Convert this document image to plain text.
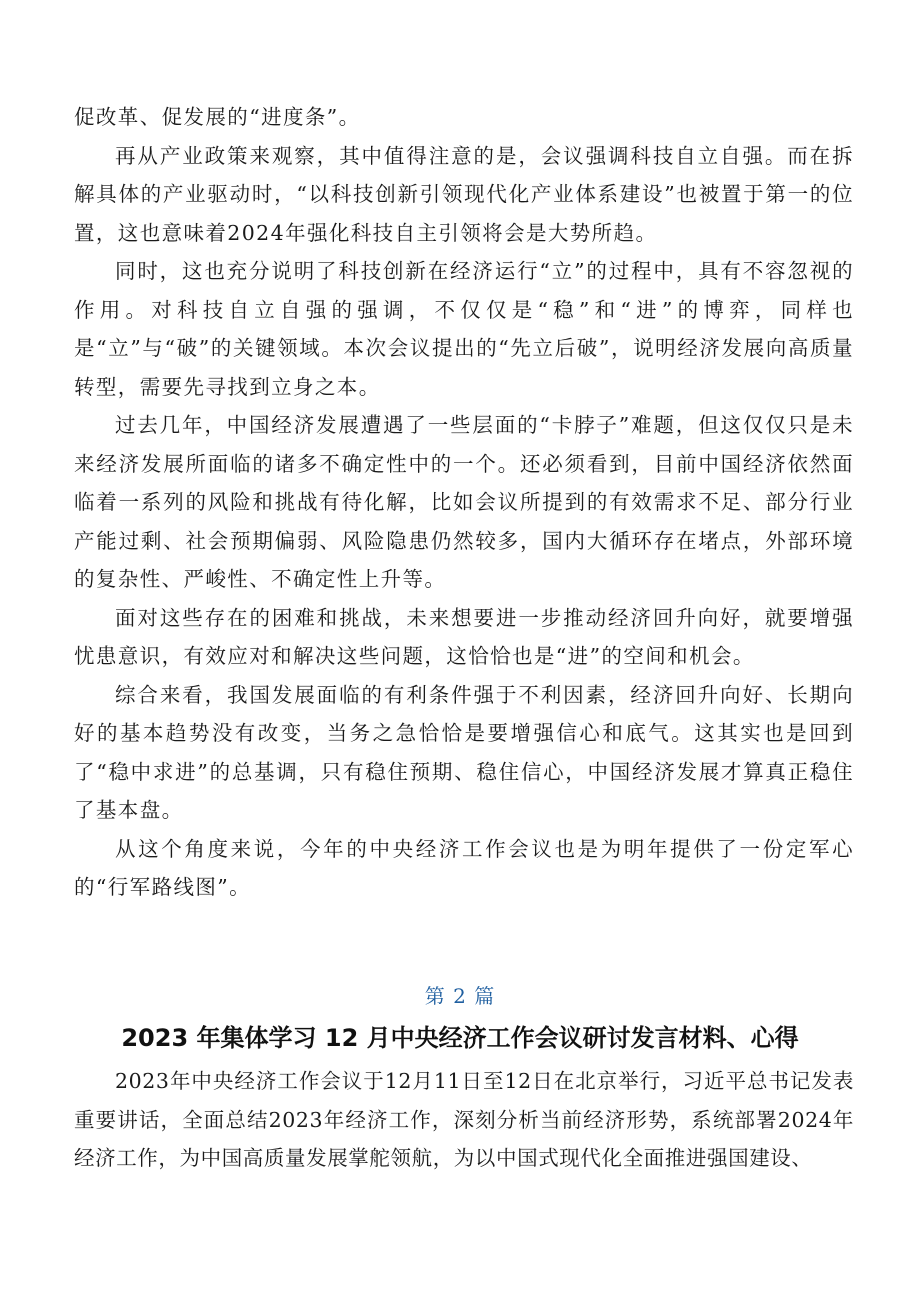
促改革、促发展的“进度条”。

再从产业政策来观察，其中值得注意的是，会议强调科技自立自强。而在拆解具体的产业驱动时，“以科技创新引领现代化产业体系建设”也被置于第一的位置，这也意味着2024年强化科技自主引领将会是大势所趋。

同时，这也充分说明了科技创新在经济运行“立”的过程中，具有不容忽视的作用。对科技自立自强的强调，不仅仅是“稳”和“进”的博弈，同样也是“立”与“破”的关键领域。本次会议提出的“先立后破”，说明经济发展向高质量转型，需要先寻找到立身之本。

过去几年，中国经济发展遭遇了一些层面的“卡脖子”难题，但这仅仅只是未来经济发展所面临的诸多不确定性中的一个。还必须看到，目前中国经济依然面临着一系列的风险和挑战有待化解，比如会议所提到的有效需求不足、部分行业产能过剩、社会预期偏弱、风险隐患仍然较多，国内大循环存在堵点，外部环境的复杂性、严峻性、不确定性上升等。

面对这些存在的困难和挑战，未来想要进一步推动经济回升向好，就要增强忧患意识，有效应对和解决这些问题，这恰恰也是“进”的空间和机会。

综合来看，我国发展面临的有利条件强于不利因素，经济回升向好、长期向好的基本趋势没有改变，当务之急恰恰是要增强信心和底气。这其实也是回到了“稳中求进”的总基调，只有稳住预期、稳住信心，中国经济发展才算真正稳住了基本盘。

从这个角度来说，今年的中央经济工作会议也是为明年提供了一份定军心的“行军路线图”。

第 2 篇
2023 年集体学习 12 月中央经济工作会议研讨发言材料、心得

2023年中央经济工作会议于12月11日至12日在北京举行，习近平总书记发表重要讲话，全面总结2023年经济工作，深刻分析当前经济形势，系统部署2024年经济工作，为中国高质量发展掌舵领航，为以中国式现代化全面推进强国建设、
